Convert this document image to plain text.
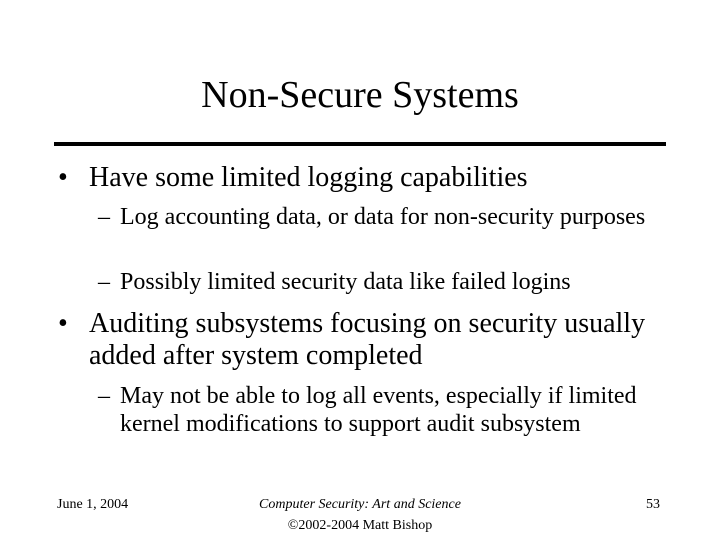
Non-Secure Systems
• Have some limited logging capabilities
– Log accounting data, or data for non-security purposes
– Possibly limited security data like failed logins
• Auditing subsystems focusing on security usually added after system completed
– May not be able to log all events, especially if limited kernel modifications to support audit subsystem
June 1, 2004	Computer Security: Art and Science
©2002-2004 Matt Bishop
53
